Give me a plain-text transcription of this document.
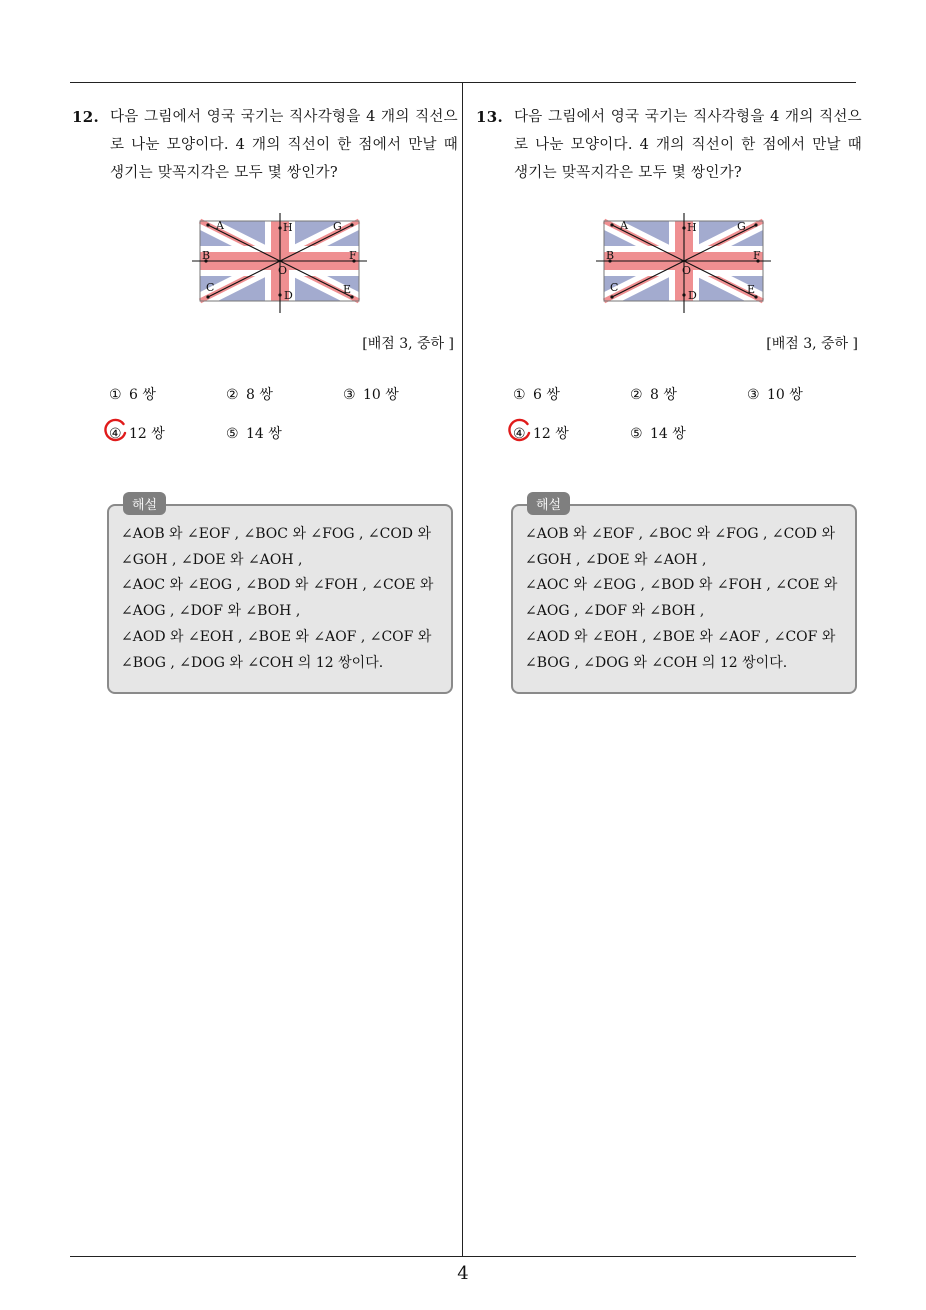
4
12. 다음 그림에서 영국 국기는 직사각형을 4 개의 직선으로 나눈 모양이다. 4 개의 직선이 한 점에서 만날 때 생기는 맞꼭지각은 모두 몇 쌍인가?
A	H	G
B	F
O
C
D	E
[배점 3, 중하 ]
① 6 쌍	② 8 쌍	③ 10 쌍
④ 12 쌍	⑤ 14 쌍
해설
∠AOB 와 ∠EOF , ∠BOC 와 ∠FOG , ∠COD 와
∠GOH , ∠DOE 와 ∠AOH ,
∠AOC 와 ∠EOG , ∠BOD 와 ∠FOH , ∠COE 와
∠AOG , ∠DOF 와 ∠BOH ,
∠AOD 와 ∠EOH , ∠BOE 와 ∠AOF , ∠COF 와
∠BOG , ∠DOG 와 ∠COH 의 12 쌍이다.
13. 다음 그림에서 영국 국기는 직사각형을 4 개의 직선으로 나눈 모양이다. 4 개의 직선이 한 점에서 만날 때 생기는 맞꼭지각은 모두 몇 쌍인가?
A	H	G
B	F
O
C
D	E
[배점 3, 중하 ]
① 6 쌍	② 8 쌍	③ 10 쌍
④ 12 쌍	⑤ 14 쌍
해설
∠AOB 와 ∠EOF , ∠BOC 와 ∠FOG , ∠COD 와
∠GOH , ∠DOE 와 ∠AOH ,
∠AOC 와 ∠EOG , ∠BOD 와 ∠FOH , ∠COE 와
∠AOG , ∠DOF 와 ∠BOH ,
∠AOD 와 ∠EOH , ∠BOE 와 ∠AOF , ∠COF 와
∠BOG , ∠DOG 와 ∠COH 의 12 쌍이다.
